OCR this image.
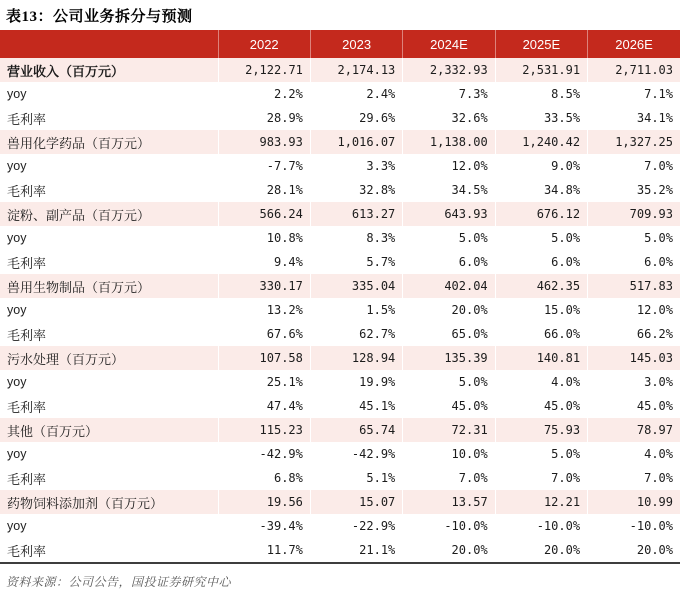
表13：公司业务拆分与预测
	2022	2023	2024E	2025E	2026E
营业收入（百万元）	2,122.71	2,174.13	2,332.93	2,531.91	2,711.03
yoy	2.2%	2.4%	7.3%	8.5%	7.1%
毛利率	28.9%	29.6%	32.6%	33.5%	34.1%
兽用化学药品（百万元）	983.93	1,016.07	1,138.00	1,240.42	1,327.25
yoy	-7.7%	3.3%	12.0%	9.0%	7.0%
毛利率	28.1%	32.8%	34.5%	34.8%	35.2%
淀粉、副产品（百万元）	566.24	613.27	643.93	676.12	709.93
yoy	10.8%	8.3%	5.0%	5.0%	5.0%
毛利率	9.4%	5.7%	6.0%	6.0%	6.0%
兽用生物制品（百万元）	330.17	335.04	402.04	462.35	517.83
yoy	13.2%	1.5%	20.0%	15.0%	12.0%
毛利率	67.6%	62.7%	65.0%	66.0%	66.2%
污水处理（百万元）	107.58	128.94	135.39	140.81	145.03
yoy	25.1%	19.9%	5.0%	4.0%	3.0%
毛利率	47.4%	45.1%	45.0%	45.0%	45.0%
其他（百万元）	115.23	65.74	72.31	75.93	78.97
yoy	-42.9%	-42.9%	10.0%	5.0%	4.0%
毛利率	6.8%	5.1%	7.0%	7.0%	7.0%
药物饲料添加剂（百万元）	19.56	15.07	13.57	12.21	10.99
yoy	-39.4%	-22.9%	-10.0%	-10.0%	-10.0%
毛利率	11.7%	21.1%	20.0%	20.0%	20.0%
资料来源：公司公告，国投证券研究中心
